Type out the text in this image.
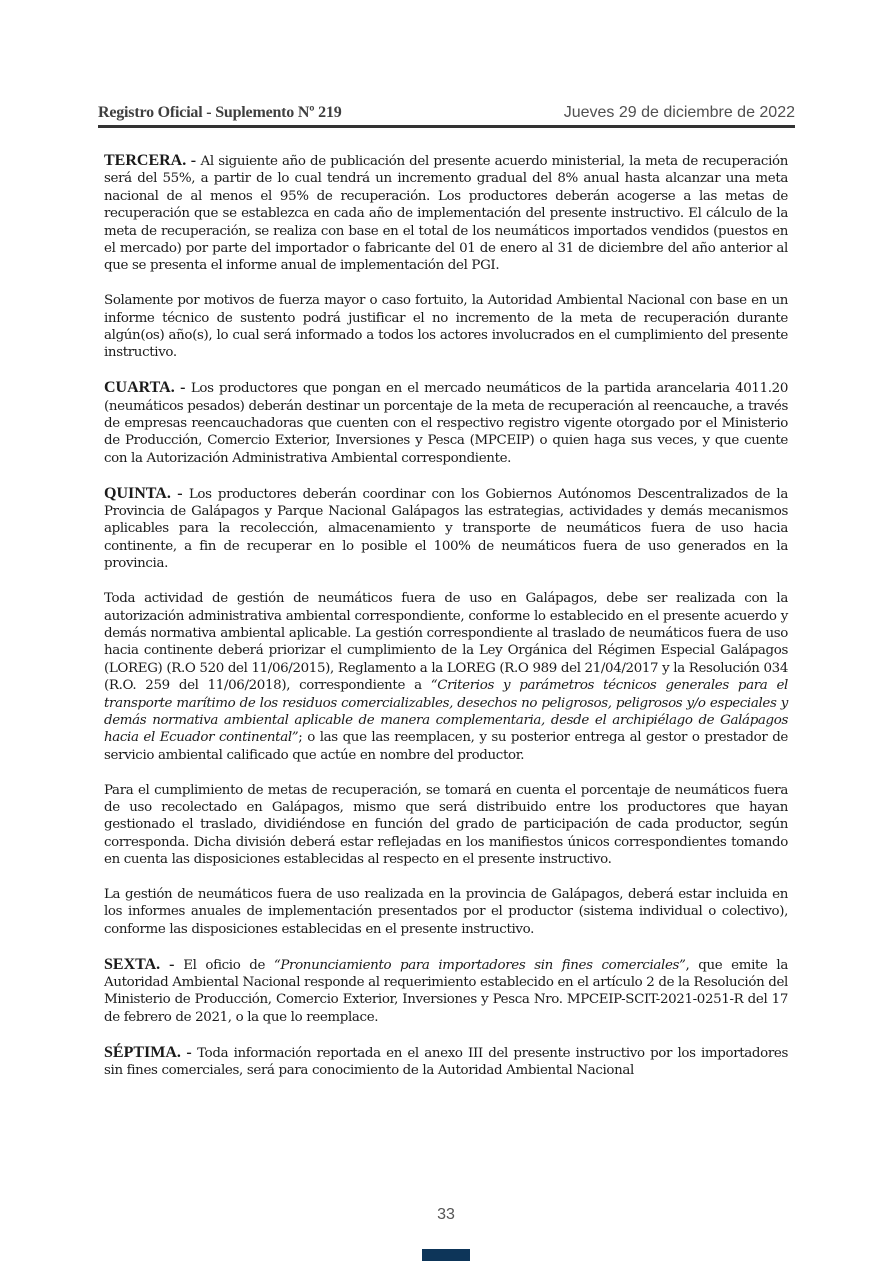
Registro Oficial - Suplemento Nº 219	Jueves 29 de diciembre de 2022

TERCERA. - Al siguiente año de publicación del presente acuerdo ministerial, la meta de recuperación será del 55%, a partir de lo cual tendrá un incremento gradual del 8% anual hasta alcanzar una meta nacional de al menos el 95% de recuperación. Los productores deberán acogerse a las metas de recuperación que se establezca en cada año de implementación del presente instructivo. El cálculo de la meta de recuperación, se realiza con base en el total de los neumáticos importados vendidos (puestos en el mercado) por parte del importador o fabricante del 01 de enero al 31 de diciembre del año anterior al que se presenta el informe anual de implementación del PGI.

Solamente por motivos de fuerza mayor o caso fortuito, la Autoridad Ambiental Nacional con base en un informe técnico de sustento podrá justificar el no incremento de la meta de recuperación durante algún(os) año(s), lo cual será informado a todos los actores involucrados en el cumplimiento del presente instructivo.

CUARTA. - Los productores que pongan en el mercado neumáticos de la partida arancelaria 4011.20 (neumáticos pesados) deberán destinar un porcentaje de la meta de recuperación al reencauche, a través de empresas reencauchadoras que cuenten con el respectivo registro vigente otorgado por el Ministerio de Producción, Comercio Exterior, Inversiones y Pesca (MPCEIP) o quien haga sus veces, y que cuente con la Autorización Administrativa Ambiental correspondiente.

QUINTA. - Los productores deberán coordinar con los Gobiernos Autónomos Descentralizados de la Provincia de Galápagos y Parque Nacional Galápagos las estrategias, actividades y demás mecanismos aplicables para la recolección, almacenamiento y transporte de neumáticos fuera de uso hacia continente, a fin de recuperar en lo posible el 100% de neumáticos fuera de uso generados en la provincia.

Toda actividad de gestión de neumáticos fuera de uso en Galápagos, debe ser realizada con la autorización administrativa ambiental correspondiente, conforme lo establecido en el presente acuerdo y demás normativa ambiental aplicable. La gestión correspondiente al traslado de neumáticos fuera de uso hacia continente deberá priorizar el cumplimiento de la Ley Orgánica del Régimen Especial Galápagos (LOREG) (R.O 520 del 11/06/2015), Reglamento a la LOREG (R.O 989 del 21/04/2017 y la Resolución 034 (R.O. 259 del 11/06/2018), correspondiente a “Criterios y parámetros técnicos generales para el transporte marítimo de los residuos comercializables, desechos no peligrosos, peligrosos y/o especiales y demás normativa ambiental aplicable de manera complementaria, desde el archipiélago de Galápagos hacia el Ecuador continental”; o las que las reemplacen, y su posterior entrega al gestor o prestador de servicio ambiental calificado que actúe en nombre del productor.

Para el cumplimiento de metas de recuperación, se tomará en cuenta el porcentaje de neumáticos fuera de uso recolectado en Galápagos, mismo que será distribuido entre los productores que hayan gestionado el traslado, dividiéndose en función del grado de participación de cada productor, según corresponda. Dicha división deberá estar reflejadas en los manifiestos únicos correspondientes tomando en cuenta las disposiciones establecidas al respecto en el presente instructivo.

La gestión de neumáticos fuera de uso realizada en la provincia de Galápagos, deberá estar incluida en los informes anuales de implementación presentados por el productor (sistema individual o colectivo), conforme las disposiciones establecidas en el presente instructivo.

SEXTA. - El oficio de “Pronunciamiento para importadores sin fines comerciales”, que emite la Autoridad Ambiental Nacional responde al requerimiento establecido en el artículo 2 de la Resolución del Ministerio de Producción, Comercio Exterior, Inversiones y Pesca Nro. MPCEIP-SCIT-2021-0251-R del 17 de febrero de 2021, o la que lo reemplace.

SÉPTIMA. - Toda información reportada en el anexo III del presente instructivo por los importadores sin fines comerciales, será para conocimiento de la Autoridad Ambiental Nacional

33
